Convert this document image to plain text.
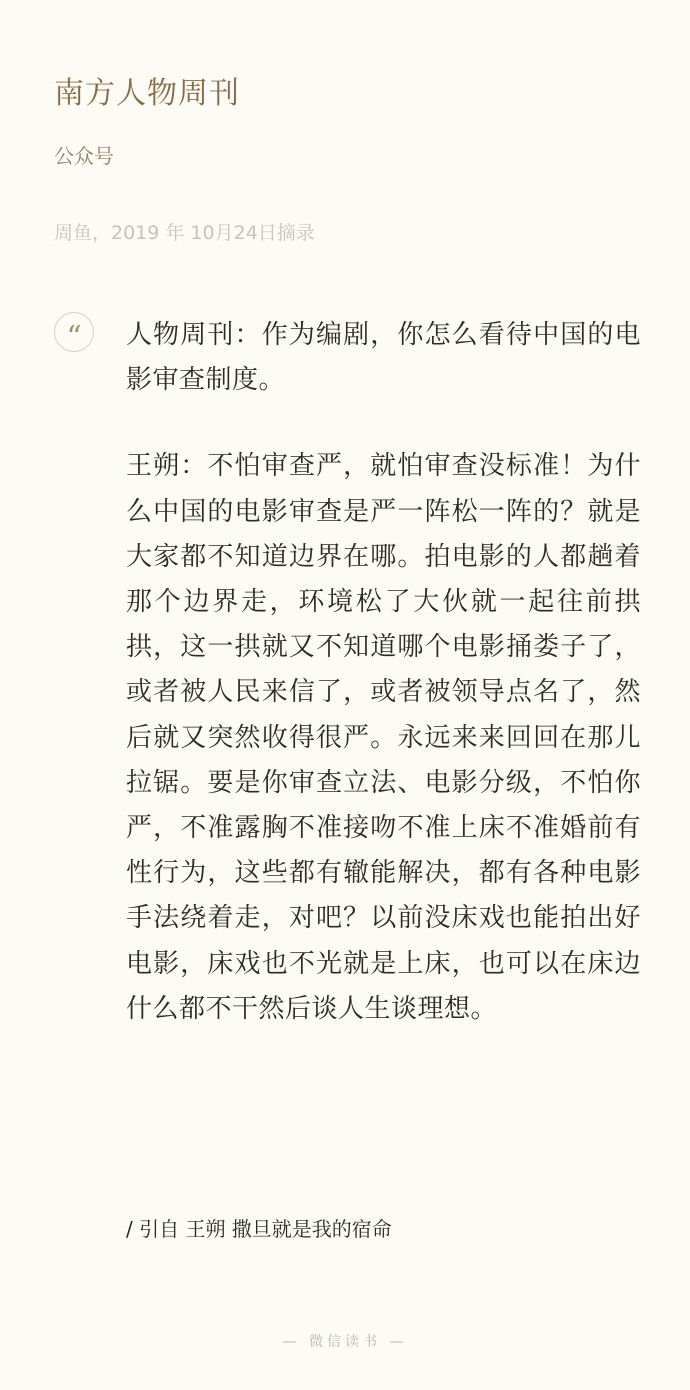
南方人物周刊
公众号
周鱼，2019 年 10月24日摘录
“	人物周刊：作为编剧，你怎么看待中国的电影审查制度。

王朔：不怕审查严，就怕审查没标准！为什么中国的电影审查是严一阵松一阵的？就是大家都不知道边界在哪。拍电影的人都趟着那个边界走，环境松了大伙就一起往前拱拱，这一拱就又不知道哪个电影捅娄子了，或者被人民来信了，或者被领导点名了，然后就又突然收得很严。永远来来回回在那儿拉锯。要是你审查立法、电影分级，不怕你严，不准露胸不准接吻不准上床不准婚前有性行为，这些都有辙能解决，都有各种电影手法绕着走，对吧？以前没床戏也能拍出好电影，床戏也不光就是上床，也可以在床边什么都不干然后谈人生谈理想。

/ 引自 王朔 撒旦就是我的宿命
— 微信读书 —
